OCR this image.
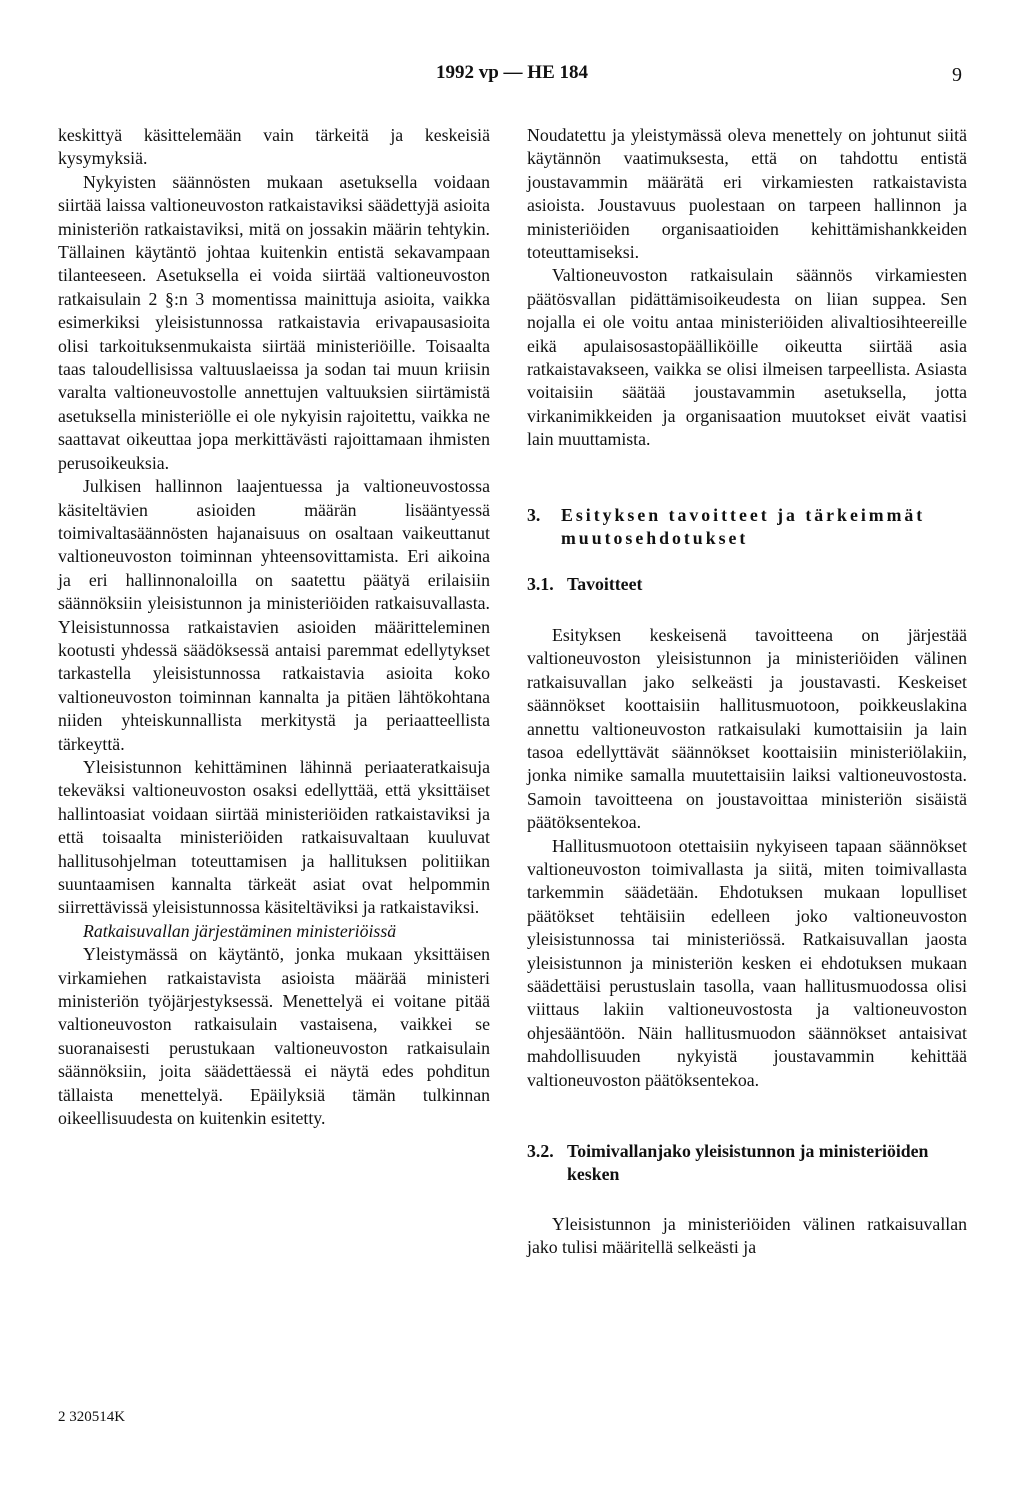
1992 vp — HE 184	9

keskittyä käsittelemään vain tärkeitä ja keskeisiä kysymyksiä.

Nykyisten säännösten mukaan asetuksella voidaan siirtää laissa valtioneuvoston ratkaistaviksi säädettyjä asioita ministeriön ratkaistaviksi, mitä on jossakin määrin tehtykin. Tällainen käytäntö johtaa kuitenkin entistä sekavampaan tilanteeseen. Asetuksella ei voida siirtää valtioneuvoston ratkaisulain 2 §:n 3 momentissa mainittuja asioita, vaikka esimerkiksi yleisistunnossa ratkaistavia erivapausasioita olisi tarkoituksenmukaista siirtää ministeriöille. Toisaalta taas taloudellisissa valtuuslaeissa ja sodan tai muun kriisin varalta valtioneuvostolle annettujen valtuuksien siirtämistä asetuksella ministeriölle ei ole nykyisin rajoitettu, vaikka ne saattavat oikeuttaa jopa merkittävästi rajoittamaan ihmisten perusoikeuksia.

Julkisen hallinnon laajentuessa ja valtioneuvostossa käsiteltävien asioiden määrän lisääntyessä toimivaltasäännösten hajanaisuus on osaltaan vaikeuttanut valtioneuvoston toiminnan yhteensovittamista. Eri aikoina ja eri hallinnonaloilla on saatettu päätyä erilaisiin säännöksiin yleisistunnon ja ministeriöiden ratkaisuvallasta. Yleisistunnossa ratkaistavien asioiden määritteleminen kootusti yhdessä säädöksessä antaisi paremmat edellytykset tarkastella yleisistunnossa ratkaistavia asioita koko valtioneuvoston toiminnan kannalta ja pitäen lähtökohtana niiden yhteiskunnallista merkitystä ja periaatteellista tärkeyttä.

Yleisistunnon kehittäminen lähinnä periaateratkaisuja tekeväksi valtioneuvoston osaksi edellyttää, että yksittäiset hallintoasiat voidaan siirtää ministeriöiden ratkaistaviksi ja että toisaalta ministeriöiden ratkaisuvaltaan kuuluvat hallitusohjelman toteuttamisen ja hallituksen politiikan suuntaamisen kannalta tärkeät asiat ovat helpommin siirrettävissä yleisistunnossa käsiteltäviksi ja ratkaistaviksi.

Ratkaisuvallan järjestäminen ministeriöissä

Yleistymässä on käytäntö, jonka mukaan yksittäisen virkamiehen ratkaistavista asioista määrää ministeri ministeriön työjärjestyksessä. Menettelyä ei voitane pitää valtioneuvoston ratkaisulain vastaisena, vaikkei se suoranaisesti perustukaan valtioneuvoston ratkaisulain säännöksiin, joita säädettäessä ei näytä edes pohditun tällaista menettelyä. Epäilyksiä tämän tulkinnan oikeellisuudesta on kuitenkin esitetty.

Noudatettu ja yleistymässä oleva menettely on johtunut siitä käytännön vaatimuksesta, että on tahdottu entistä joustavammin määrätä eri virkamiesten ratkaistavista asioista. Joustavuus puolestaan on tarpeen hallinnon ja ministeriöiden organisaatioiden kehittämishankkeiden toteuttamiseksi.

Valtioneuvoston ratkaisulain säännös virkamiesten päätösvallan pidättämisoikeudesta on liian suppea. Sen nojalla ei ole voitu antaa ministeriöiden alivaltiosihteereille eikä apulaisosastopäälliköille oikeutta siirtää asia ratkaistavakseen, vaikka se olisi ilmeisen tarpeellista. Asiasta voitaisiin säätää joustavammin asetuksella, jotta virkanimikkeiden ja organisaation muutokset eivät vaatisi lain muuttamista.

3.	Esityksen tavoitteet ja tärkeimmät muutosehdotukset
3.1. Tavoitteet

Esityksen keskeisenä tavoitteena on järjestää valtioneuvoston yleisistunnon ja ministeriöiden välinen ratkaisuvallan jako selkeästi ja joustavasti. Keskeiset säännökset koottaisiin hallitusmuotoon, poikkeuslakina annettu valtioneuvoston ratkaisulaki kumottaisiin ja lain tasoa edellyttävät säännökset koottaisiin ministeriölakiin, jonka nimike samalla muutettaisiin laiksi valtioneuvostosta. Samoin tavoitteena on joustavoittaa ministeriön sisäistä päätöksentekoa.

Hallitusmuotoon otettaisiin nykyiseen tapaan säännökset valtioneuvoston toimivallasta ja siitä, miten toimivallasta tarkemmin säädetään. Ehdotuksen mukaan lopulliset päätökset tehtäisiin edelleen joko valtioneuvoston yleisistunnossa tai ministeriössä. Ratkaisuvallan jaosta yleisistunnon ja ministeriön kesken ei ehdotuksen mukaan säädettäisi perustuslain tasolla, vaan hallitusmuodossa olisi viittaus lakiin valtioneuvostosta ja valtioneuvoston ohjesääntöön. Näin hallitusmuodon säännökset antaisivat mahdollisuuden nykyistä joustavammin kehittää valtioneuvoston päätöksentekoa.

3.2. Toimivallanjako yleisistunnon ja ministeriöiden kesken

Yleisistunnon ja ministeriöiden välinen ratkaisuvallan jako tulisi määritellä selkeästi ja

2 320514K
